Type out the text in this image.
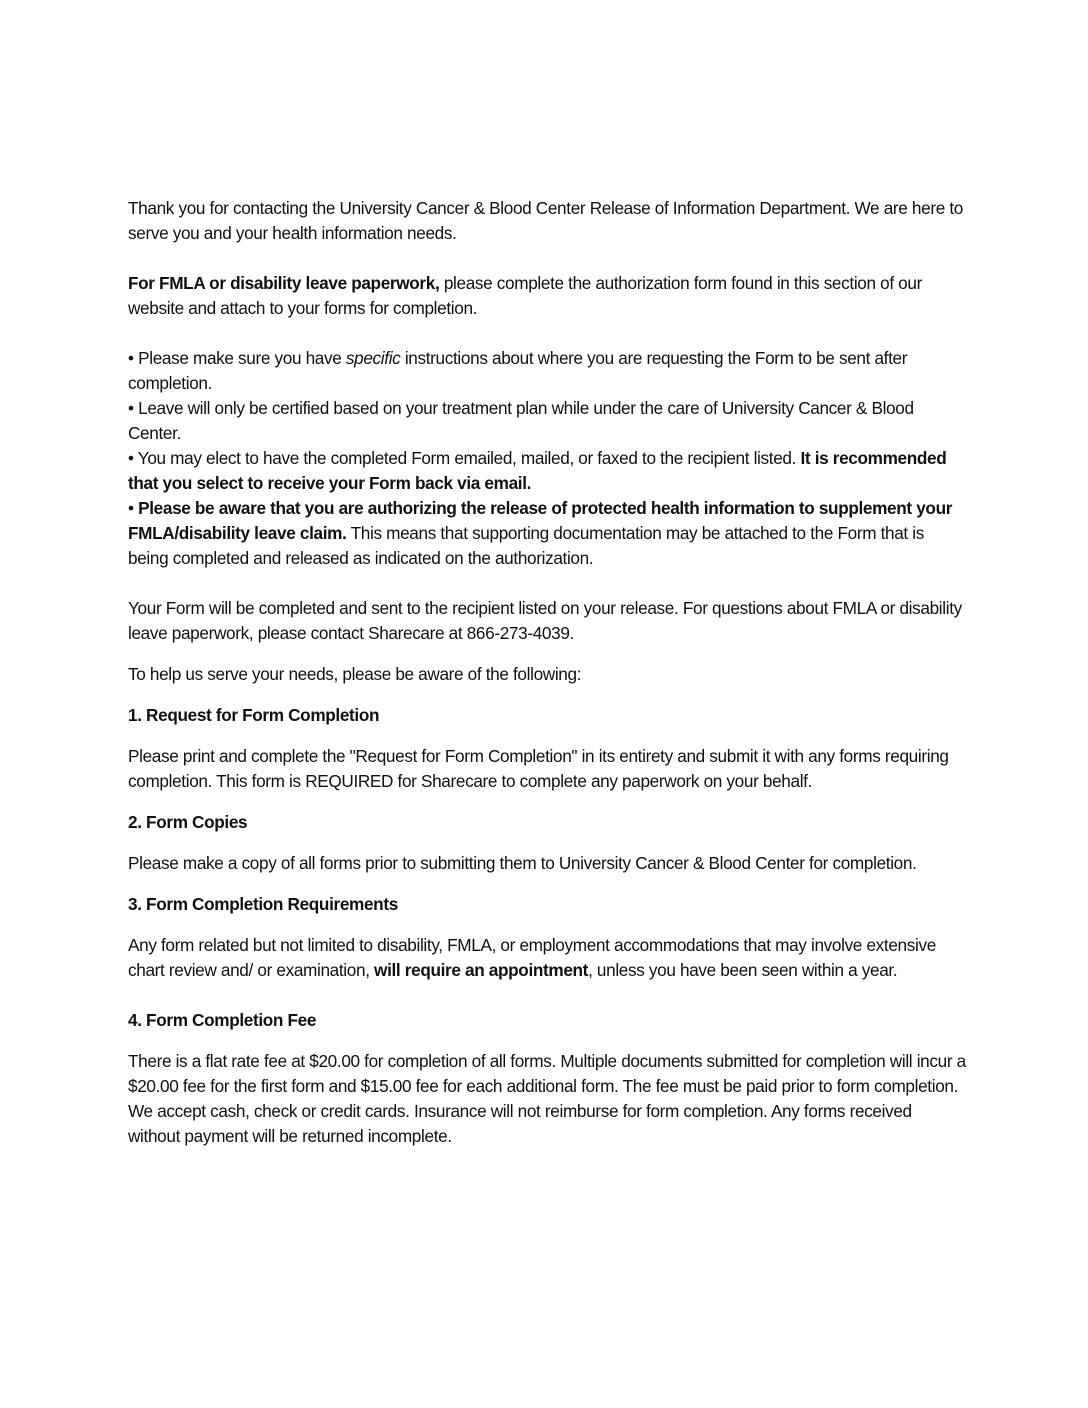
Thank you for contacting the University Cancer & Blood Center Release of Information Department. We are here to serve you and your health information needs.

For FMLA or disability leave paperwork, please complete the authorization form found in this section of our website and attach to your forms for completion.

• Please make sure you have specific instructions about where you are requesting the Form to be sent after completion.

• Leave will only be certified based on your treatment plan while under the care of University Cancer & Blood Center.

• You may elect to have the completed Form emailed, mailed, or faxed to the recipient listed. It is recommended that you select to receive your Form back via email.

• Please be aware that you are authorizing the release of protected health information to supplement your FMLA/disability leave claim. This means that supporting documentation may be attached to the Form that is being completed and released as indicated on the authorization.

Your Form will be completed and sent to the recipient listed on your release. For questions about FMLA or disability leave paperwork, please contact Sharecare at 866-273-4039.

To help us serve your needs, please be aware of the following:

1. Request for Form Completion

Please print and complete the "Request for Form Completion" in its entirety and submit it with any forms requiring completion. This form is REQUIRED for Sharecare to complete any paperwork on your behalf.

2. Form Copies

Please make a copy of all forms prior to submitting them to University Cancer & Blood Center for completion.

3. Form Completion Requirements

Any form related but not limited to disability, FMLA, or employment accommodations that may involve extensive chart review and/ or examination, will require an appointment, unless you have been seen within a year.

4. Form Completion Fee

There is a flat rate fee at $20.00 for completion of all forms. Multiple documents submitted for completion will incur a $20.00 fee for the first form and $15.00 fee for each additional form. The fee must be paid prior to form completion. We accept cash, check or credit cards. Insurance will not reimburse for form completion. Any forms received without payment will be returned incomplete.
